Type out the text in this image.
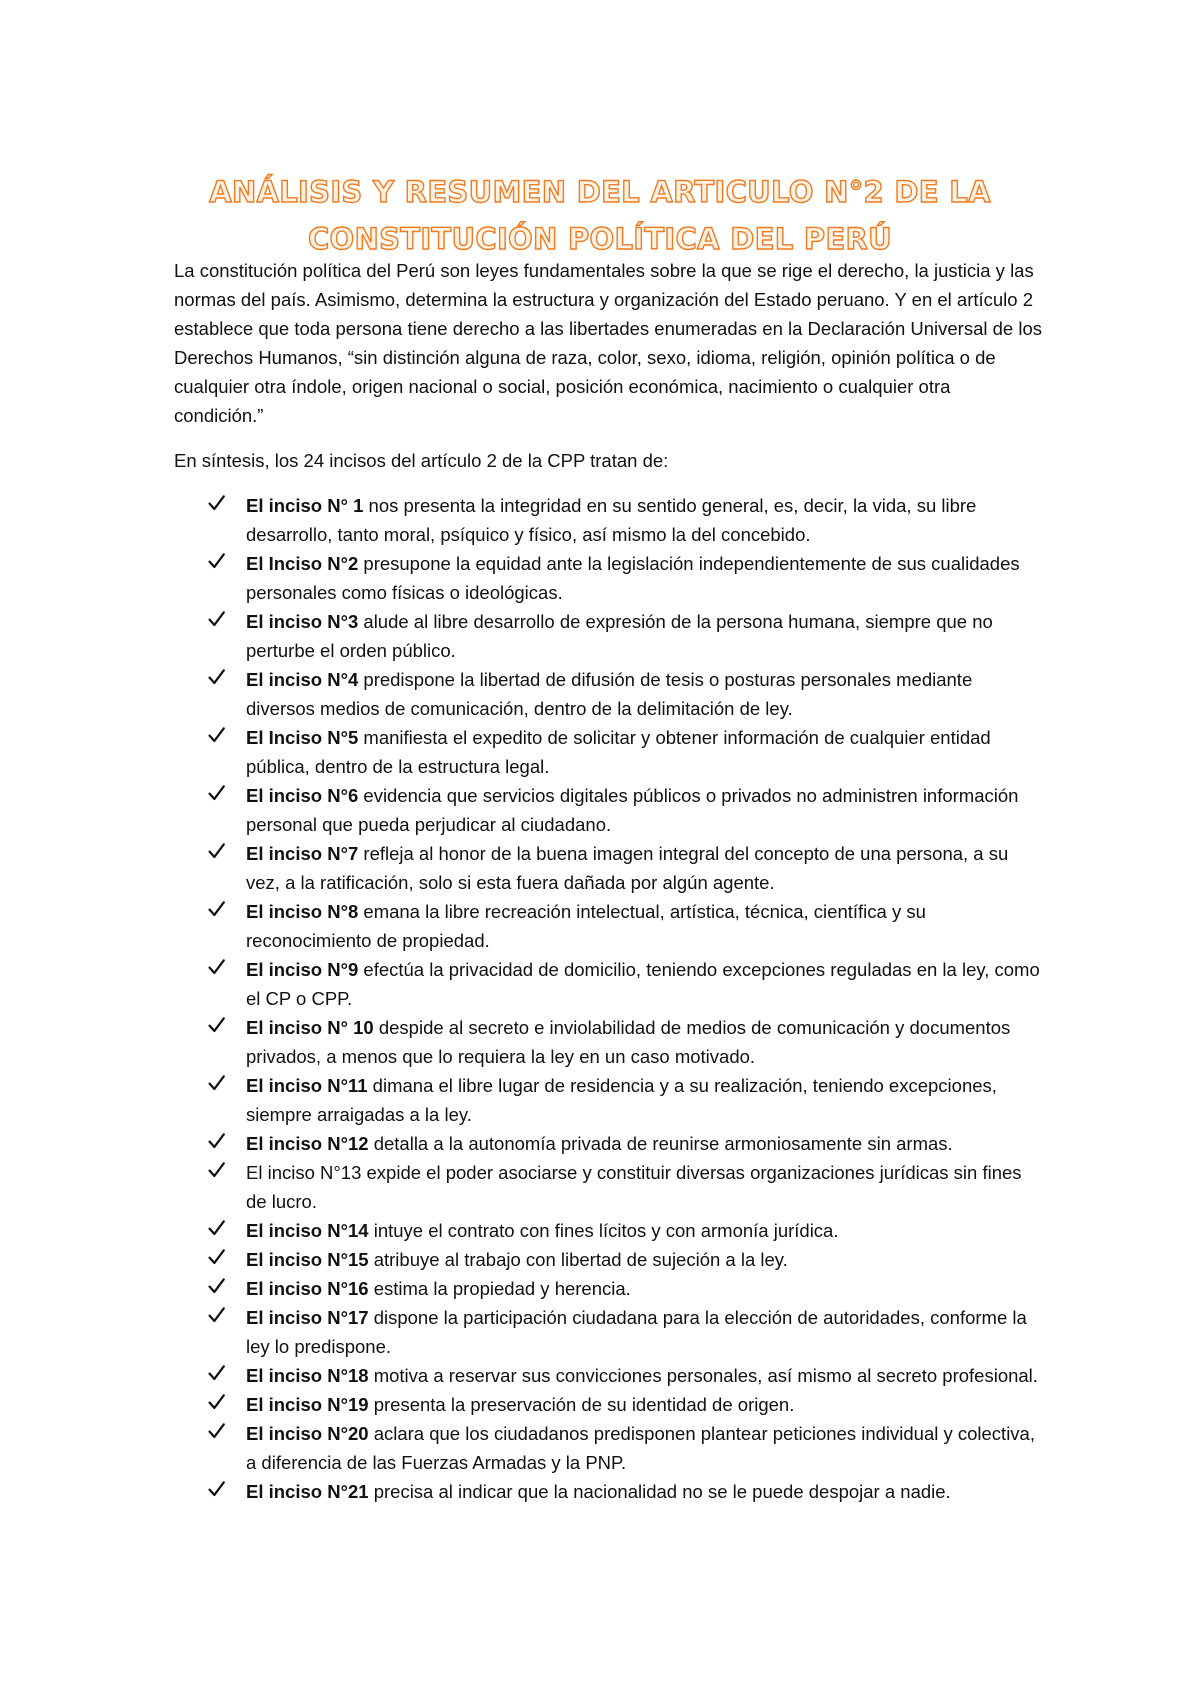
ANÁLISIS Y RESUMEN DEL ARTICULO N°2 DE LA
CONSTITUCIÓN POLÍTICA DEL PERÚ

La constitución política del Perú son leyes fundamentales sobre la que se rige el derecho, la justicia y las normas del país. Asimismo, determina la estructura y organización del Estado peruano. Y en el artículo 2 establece que toda persona tiene derecho a las libertades enumeradas en la Declaración Universal de los Derechos Humanos, “sin distinción alguna de raza, color, sexo, idioma, religión, opinión política o de cualquier otra índole, origen nacional o social, posición económica, nacimiento o cualquier otra condición.”

En síntesis, los 24 incisos del artículo 2 de la CPP tratan de:

El inciso N° 1 nos presenta la integridad en su sentido general, es, decir, la vida, su libre desarrollo, tanto moral, psíquico y físico, así mismo la del concebido.
El Inciso N°2 presupone la equidad ante la legislación independientemente de sus cualidades personales como físicas o ideológicas.
El inciso N°3 alude al libre desarrollo de expresión de la persona humana, siempre que no perturbe el orden público.
El inciso N°4 predispone la libertad de difusión de tesis o posturas personales mediante diversos medios de comunicación, dentro de la delimitación de ley.
El Inciso N°5 manifiesta el expedito de solicitar y obtener información de cualquier entidad pública, dentro de la estructura legal.
El inciso N°6 evidencia que servicios digitales públicos o privados no administren información personal que pueda perjudicar al ciudadano.
El inciso N°7 refleja al honor de la buena imagen integral del concepto de una persona, a su vez, a la ratificación, solo si esta fuera dañada por algún agente.
El inciso N°8 emana la libre recreación intelectual, artística, técnica, científica y su reconocimiento de propiedad.
El inciso N°9 efectúa la privacidad de domicilio, teniendo excepciones reguladas en la ley, como el CP o CPP.
El inciso N° 10 despide al secreto e inviolabilidad de medios de comunicación y documentos privados, a menos que lo requiera la ley en un caso motivado.
El inciso N°11 dimana el libre lugar de residencia y a su realización, teniendo excepciones, siempre arraigadas a la ley.
El inciso N°12 detalla a la autonomía privada de reunirse armoniosamente sin armas.
El inciso N°13 expide el poder asociarse y constituir diversas organizaciones jurídicas sin fines de lucro.
El inciso N°14 intuye el contrato con fines lícitos y con armonía jurídica.
El inciso N°15 atribuye al trabajo con libertad de sujeción a la ley.
El inciso N°16 estima la propiedad y herencia.
El inciso N°17 dispone la participación ciudadana para la elección de autoridades, conforme la ley lo predispone.
El inciso N°18 motiva a reservar sus convicciones personales, así mismo al secreto profesional.
El inciso N°19 presenta la preservación de su identidad de origen.
El inciso N°20 aclara que los ciudadanos predisponen plantear peticiones individual y colectiva, a diferencia de las Fuerzas Armadas y la PNP.
El inciso N°21 precisa al indicar que la nacionalidad no se le puede despojar a nadie.
